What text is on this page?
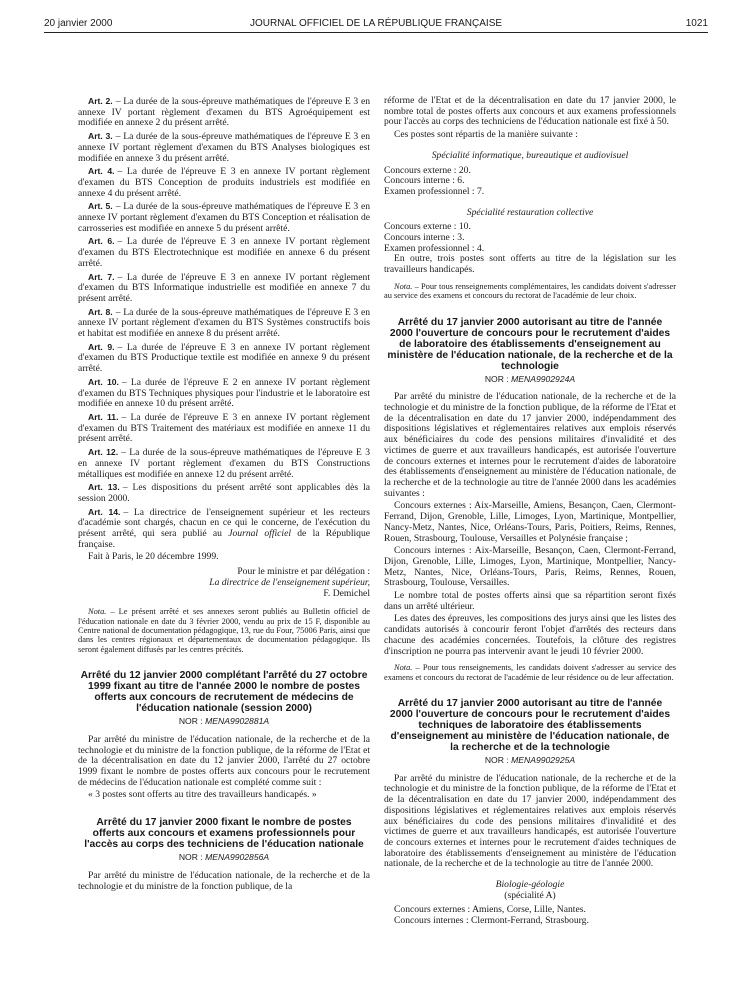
20 janvier 2000	JOURNAL OFFICIEL DE LA RÉPUBLIQUE FRANÇAISE	1021

Art. 2. – La durée de la sous-épreuve mathématiques de l'épreuve E 3 en annexe IV portant règlement d'examen du BTS Agroéquipement est modifiée en annexe 2 du présent arrêté.

Art. 3. – La durée de la sous-épreuve mathématiques de l'épreuve E 3 en annexe IV portant règlement d'examen du BTS Analyses biologiques est modifiée en annexe 3 du présent arrêté.

Art. 4. – La durée de l'épreuve E 3 en annexe IV portant règlement d'examen du BTS Conception de produits industriels est modifiée en annexe 4 du présent arrêté.

Art. 5. – La durée de la sous-épreuve mathématiques de l'épreuve E 3 en annexe IV portant règlement d'examen du BTS Conception et réalisation de carrosseries est modifiée en annexe 5 du présent arrêté.

Art. 6. – La durée de l'épreuve E 3 en annexe IV portant règlement d'examen du BTS Electrotechnique est modifiée en annexe 6 du présent arrêté.

Art. 7. – La durée de l'épreuve E 3 en annexe IV portant règlement d'examen du BTS Informatique industrielle est modifiée en annexe 7 du présent arrêté.

Art. 8. – La durée de la sous-épreuve mathématiques de l'épreuve E 3 en annexe IV portant règlement d'examen du BTS Systèmes constructifs bois et habitat est modifiée en annexe 8 du présent arrêté.

Art. 9. – La durée de l'épreuve E 3 en annexe IV portant règlement d'examen du BTS Productique textile est modifiée en annexe 9 du présent arrêté.

Art. 10. – La durée de l'épreuve E 2 en annexe IV portant règlement d'examen du BTS Techniques physiques pour l'industrie et le laboratoire est modifiée en annexe 10 du présent arrêté.

Art. 11. – La durée de l'épreuve E 3 en annexe IV portant règlement d'examen du BTS Traitement des matériaux est modifiée en annexe 11 du présent arrêté.

Art. 12. – La durée de la sous-épreuve mathématiques de l'épreuve E 3 en annexe IV portant règlement d'examen du BTS Constructions métalliques est modifiée en annexe 12 du présent arrêté.

Art. 13. – Les dispositions du présent arrêté sont applicables dès la session 2000.

Art. 14. – La directrice de l'enseignement supérieur et les recteurs d'académie sont chargés, chacun en ce qui le concerne, de l'exécution du présent arrêté, qui sera publié au Journal officiel de la République française.

Fait à Paris, le 20 décembre 1999.

Pour le ministre et par délégation :
La directrice de l'enseignement supérieur,
F. Demichel

Nota. – Le présent arrêté et ses annexes seront publiés au Bulletin officiel de l'éducation nationale en date du 3 février 2000, vendu au prix de 15 F, disponible au Centre national de documentation pédagogique, 13, rue du Four, 75006 Paris, ainsi que dans les centres régionaux et départementaux de documentation pédagogique. Ils seront également diffusés par les centres précités.

Arrêté du 12 janvier 2000 complétant l'arrêté du 27 octobre 1999 fixant au titre de l'année 2000 le nombre de postes offerts aux concours de recrutement de médecins de l'éducation nationale (session 2000)

NOR : MENA9902881A

Par arrêté du ministre de l'éducation nationale, de la recherche et de la technologie et du ministre de la fonction publique, de la réforme de l'Etat et de la décentralisation en date du 12 janvier 2000, l'arrêté du 27 octobre 1999 fixant le nombre de postes offerts aux concours pour le recrutement de médecins de l'éducation nationale est complété comme suit :

« 3 postes sont offerts au titre des travailleurs handicapés. »

Arrêté du 17 janvier 2000 fixant le nombre de postes offerts aux concours et examens professionnels pour l'accès au corps des techniciens de l'éducation nationale

NOR : MENA9902856A

Par arrêté du ministre de l'éducation nationale, de la recherche et de la technologie et du ministre de la fonction publique, de la

réforme de l'Etat et de la décentralisation en date du 17 janvier 2000, le nombre total de postes offerts aux concours et aux examens professionnels pour l'accès au corps des techniciens de l'éducation nationale est fixé à 50.

Ces postes sont répartis de la manière suivante :

Spécialité informatique, bureautique et audiovisuel

Concours externe : 20.

Concours interne : 6.

Examen professionnel : 7.

Spécialité restauration collective

Concours externe : 10.

Concours interne : 3.

Examen professionnel : 4.

En outre, trois postes sont offerts au titre de la législation sur les travailleurs handicapés.

Nota. – Pour tous renseignements complémentaires, les candidats doivent s'adresser au service des examens et concours du rectorat de l'académie de leur choix.

Arrêté du 17 janvier 2000 autorisant au titre de l'année 2000 l'ouverture de concours pour le recrutement d'aides de laboratoire des établissements d'enseignement au ministère de l'éducation nationale, de la recherche et de la technologie

NOR : MENA9902924A

Par arrêté du ministre de l'éducation nationale, de la recherche et de la technologie et du ministre de la fonction publique, de la réforme de l'Etat et de la décentralisation en date du 17 janvier 2000, indépendamment des dispositions législatives et réglementaires relatives aux emplois réservés aux bénéficiaires du code des pensions militaires d'invalidité et des victimes de guerre et aux travailleurs handicapés, est autorisée l'ouverture de concours externes et internes pour le recrutement d'aides de laboratoire des établissements d'enseignement au ministère de l'éducation nationale, de la recherche et de la technologie au titre de l'année 2000 dans les académies suivantes :

Concours externes : Aix-Marseille, Amiens, Besançon, Caen, Clermont-Ferrand, Dijon, Grenoble, Lille, Limoges, Lyon, Martinique, Montpellier, Nancy-Metz, Nantes, Nice, Orléans-Tours, Paris, Poitiers, Reims, Rennes, Rouen, Strasbourg, Toulouse, Versailles et Polynésie française ;

Concours internes : Aix-Marseille, Besançon, Caen, Clermont-Ferrand, Dijon, Grenoble, Lille, Limoges, Lyon, Martinique, Montpellier, Nancy-Metz, Nantes, Nice, Orléans-Tours, Paris, Reims, Rennes, Rouen, Strasbourg, Toulouse, Versailles.

Le nombre total de postes offerts ainsi que sa répartition seront fixés dans un arrêté ultérieur.

Les dates des épreuves, les compositions des jurys ainsi que les listes des candidats autorisés à concourir feront l'objet d'arrêtés des recteurs dans chacune des académies concernées. Toutefois, la clôture des registres d'inscription ne pourra pas intervenir avant le jeudi 10 février 2000.

Nota. – Pour tous renseignements, les candidats doivent s'adresser au service des examens et concours du rectorat de l'académie de leur résidence ou de leur affectation.

Arrêté du 17 janvier 2000 autorisant au titre de l'année 2000 l'ouverture de concours pour le recrutement d'aides techniques de laboratoire des établissements d'enseignement au ministère de l'éducation nationale, de la recherche et de la technologie

NOR : MENA9902925A

Par arrêté du ministre de l'éducation nationale, de la recherche et de la technologie et du ministre de la fonction publique, de la réforme de l'Etat et de la décentralisation en date du 17 janvier 2000, indépendamment des dispositions législatives et réglementaires relatives aux emplois réservés aux bénéficiaires du code des pensions militaires d'invalidité et des victimes de guerre et aux travailleurs handicapés, est autorisée l'ouverture de concours externes et internes pour le recrutement d'aides techniques de laboratoire des établissements d'enseignement au ministère de l'éducation nationale, de la recherche et de la technologie au titre de l'année 2000.

Biologie-géologie

(spécialité A)

Concours externes : Amiens, Corse, Lille, Nantes.

Concours internes : Clermont-Ferrand, Strasbourg.
